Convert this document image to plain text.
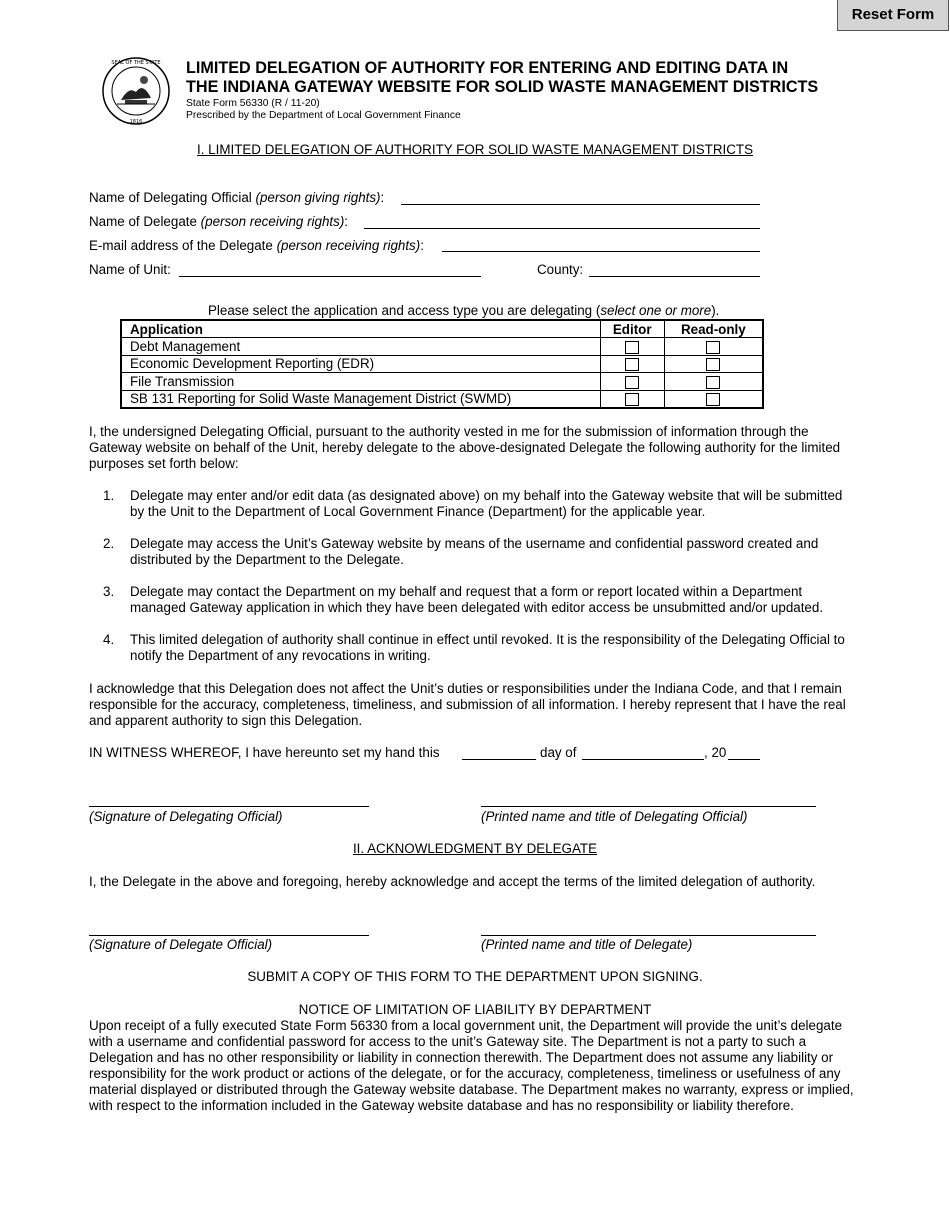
Reset Form
SEAL OF THE STATE
1816
LIMITED DELEGATION OF AUTHORITY FOR ENTERING AND EDITING DATA IN
THE INDIANA GATEWAY WEBSITE FOR SOLID WASTE MANAGEMENT DISTRICTS
State Form 56330 (R / 11-20)
Prescribed by the Department of Local Government Finance
I. LIMITED DELEGATION OF AUTHORITY FOR SOLID WASTE MANAGEMENT DISTRICTS
Name of Delegating Official (person giving rights):
Name of Delegate (person receiving rights):
E-mail address of the Delegate (person receiving rights):
Name of Unit:	County:
Please select the application and access type you are delegating (select one or more).
Application	Editor	Read-only
Debt Management		
Economic Development Reporting (EDR)		
File Transmission		
SB 131 Reporting for Solid Waste Management District (SWMD)		
I, the undersigned Delegating Official, pursuant to the authority vested in me for the submission of information through the Gateway website on behalf of the Unit, hereby delegate to the above-designated Delegate the following authority for the limited purposes set forth below:
1. Delegate may enter and/or edit data (as designated above) on my behalf into the Gateway website that will be submitted by the Unit to the Department of Local Government Finance (Department) for the applicable year.
2. Delegate may access the Unit’s Gateway website by means of the username and confidential password created and distributed by the Department to the Delegate.
3. Delegate may contact the Department on my behalf and request that a form or report located within a Department managed Gateway application in which they have been delegated with editor access be unsubmitted and/or updated.
4. This limited delegation of authority shall continue in effect until revoked. It is the responsibility of the Delegating Official to notify the Department of any revocations in writing.
I acknowledge that this Delegation does not affect the Unit’s duties or responsibilities under the Indiana Code, and that I remain responsible for the accuracy, completeness, timeliness, and submission of all information. I hereby represent that I have the real and apparent authority to sign this Delegation.
IN WITNESS WHEREOF, I have hereunto set my hand this	day of	, 20
(Signature of Delegating Official)	(Printed name and title of Delegating Official)
II. ACKNOWLEDGMENT BY DELEGATE
I, the Delegate in the above and foregoing, hereby acknowledge and accept the terms of the limited delegation of authority.
(Signature of Delegate Official)	(Printed name and title of Delegate)
SUBMIT A COPY OF THIS FORM TO THE DEPARTMENT UPON SIGNING.
NOTICE OF LIMITATION OF LIABILITY BY DEPARTMENT
Upon receipt of a fully executed State Form 56330 from a local government unit, the Department will provide the unit’s delegate with a username and confidential password for access to the unit’s Gateway site. The Department is not a party to such a Delegation and has no other responsibility or liability in connection therewith. The Department does not assume any liability or responsibility for the work product or actions of the delegate, or for the accuracy, completeness, timeliness or usefulness of any material displayed or distributed through the Gateway website database. The Department makes no warranty, express or implied, with respect to the information included in the Gateway website database and has no responsibility or liability therefore.
